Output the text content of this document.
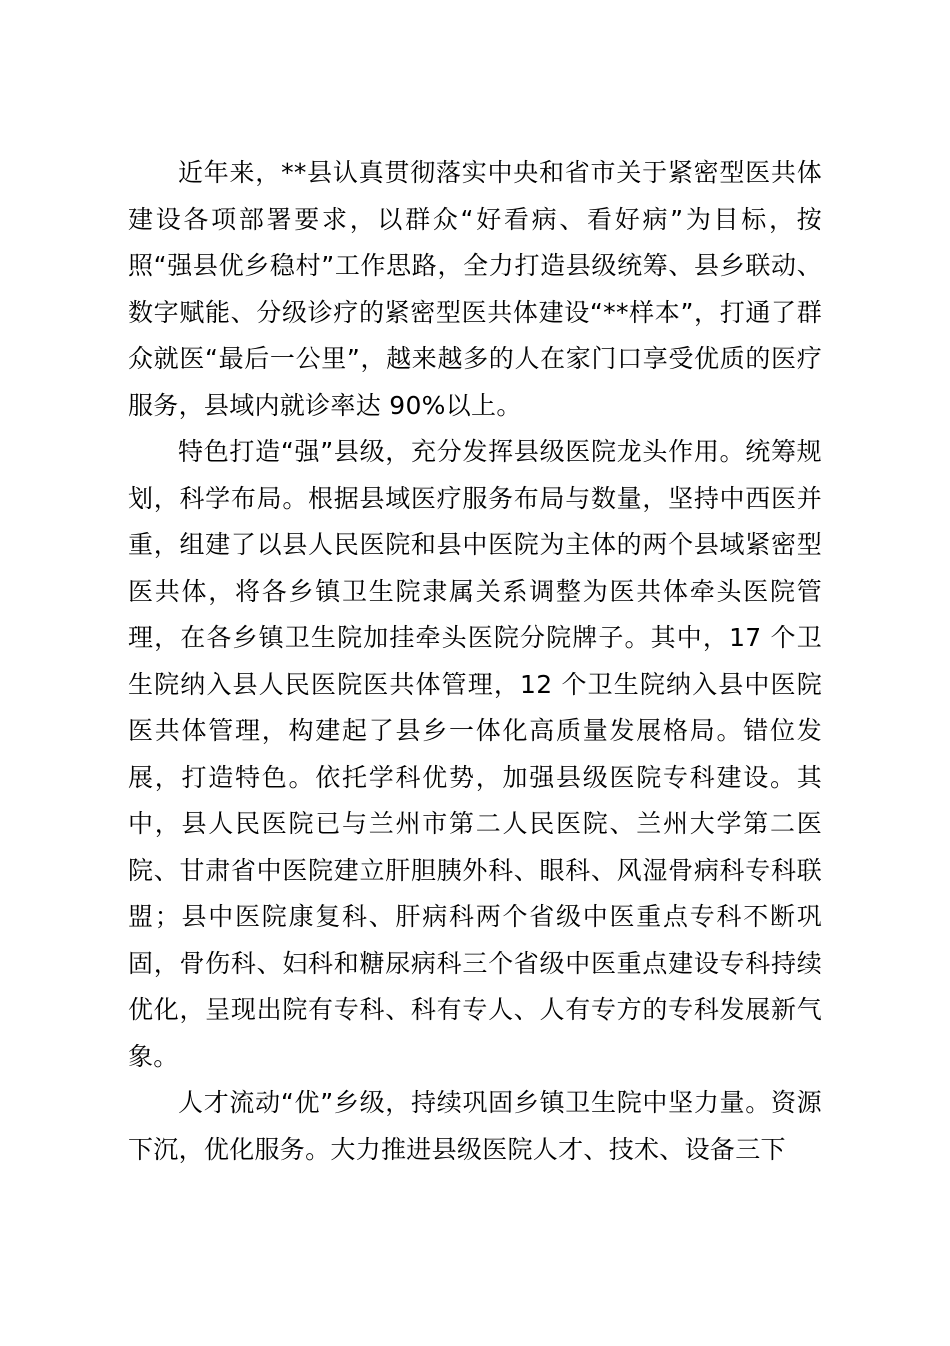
近年来，**县认真贯彻落实中央和省市关于紧密型医共体建设各项部署要求，以群众“好看病、看好病”为目标，按照“强县优乡稳村”工作思路，全力打造县级统筹、县乡联动、数字赋能、分级诊疗的紧密型医共体建设“**样本”，打通了群众就医“最后一公里”，越来越多的人在家门口享受优质的医疗服务，县域内就诊率达 90%以上。

特色打造“强”县级，充分发挥县级医院龙头作用。统筹规划，科学布局。根据县域医疗服务布局与数量，坚持中西医并重，组建了以县人民医院和县中医院为主体的两个县域紧密型医共体，将各乡镇卫生院隶属关系调整为医共体牵头医院管理，在各乡镇卫生院加挂牵头医院分院牌子。其中，17 个卫生院纳入县人民医院医共体管理，12 个卫生院纳入县中医院医共体管理，构建起了县乡一体化高质量发展格局。错位发展，打造特色。依托学科优势，加强县级医院专科建设。其中，县人民医院已与兰州市第二人民医院、兰州大学第二医院、甘肃省中医院建立肝胆胰外科、眼科、风湿骨病科专科联盟；县中医院康复科、肝病科两个省级中医重点专科不断巩固，骨伤科、妇科和糖尿病科三个省级中医重点建设专科持续优化，呈现出院有专科、科有专人、人有专方的专科发展新气象。

人才流动“优”乡级，持续巩固乡镇卫生院中坚力量。资源下沉，优化服务。大力推进县级医院人才、技术、设备三下
